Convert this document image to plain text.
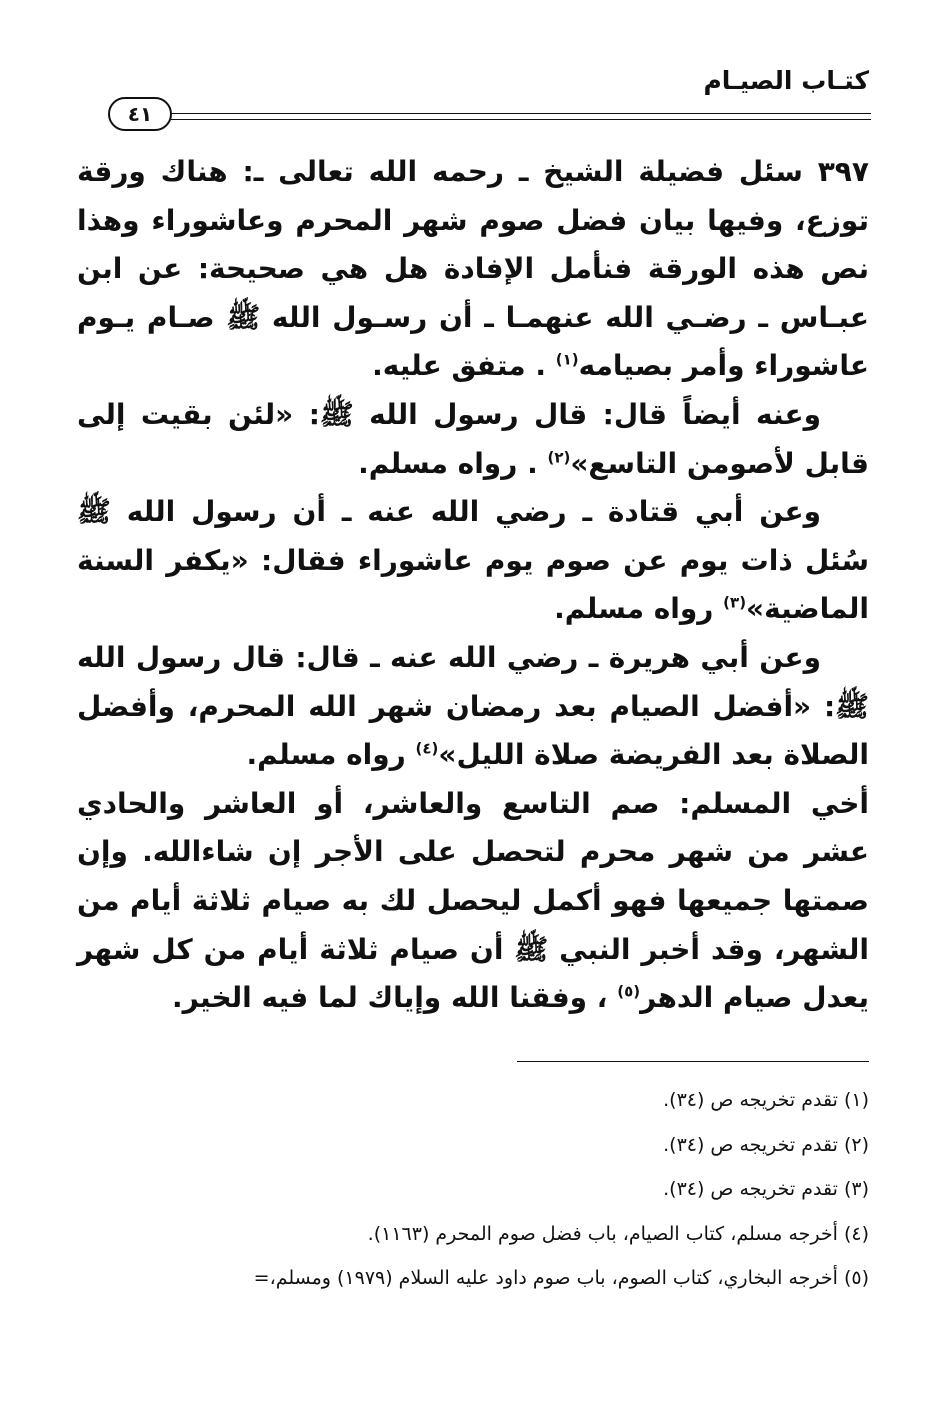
كتـاب الصيـام
٤١

٣٩٧ سئل فضيلة الشيخ ـ رحمه الله تعالى ـ: هناك ورقة توزع، وفيها بيان فضل صوم شهر المحرم وعاشوراء وهذا نص هذه الورقة فنأمل الإفادة هل هي صحيحة: عن ابن عبـاس ـ رضـي الله عنهمـا ـ أن رسـول الله ﷺ صـام يـوم عاشوراء وأمر بصيامه$^{(١)}$ . متفق عليه.

وعنه أيضاً قال: قال رسول الله ﷺ: «لئن بقيت إلى قابل لأصومن التاسع»$^{(٢)}$ . رواه مسلم.

وعن أبي قتادة ـ رضي الله عنه ـ أن رسول الله ﷺ سُئل ذات يوم عن صوم يوم عاشوراء فقال: «يكفر السنة الماضية»$^{(٣)}$ رواه مسلم.

وعن أبي هريرة ـ رضي الله عنه ـ قال: قال رسول الله ﷺ: «أفضل الصيام بعد رمضان شهر الله المحرم، وأفضل الصلاة بعد الفريضة صلاة الليل»$^{(٤)}$ رواه مسلم.

أخي المسلم: صم التاسع والعاشر، أو العاشر والحادي عشر من شهر محرم لتحصل على الأجر إن شاءالله. وإن صمتها جميعها فهو أكمل ليحصل لك به صيام ثلاثة أيام من الشهر، وقد أخبر النبي ﷺ أن صيام ثلاثة أيام من كل شهر يعدل صيام الدهر$^{(٥)}$ ، وفقنا الله وإياك لما فيه الخير.

(١) تقدم تخريجه ص (٣٤).

(٢) تقدم تخريجه ص (٣٤).

(٣) تقدم تخريجه ص (٣٤).

(٤) أخرجه مسلم، كتاب الصيام، باب فضل صوم المحرم (١١٦٣).

(٥) أخرجه البخاري، كتاب الصوم، باب صوم داود عليه السلام (١٩٧٩) ومسلم،=
